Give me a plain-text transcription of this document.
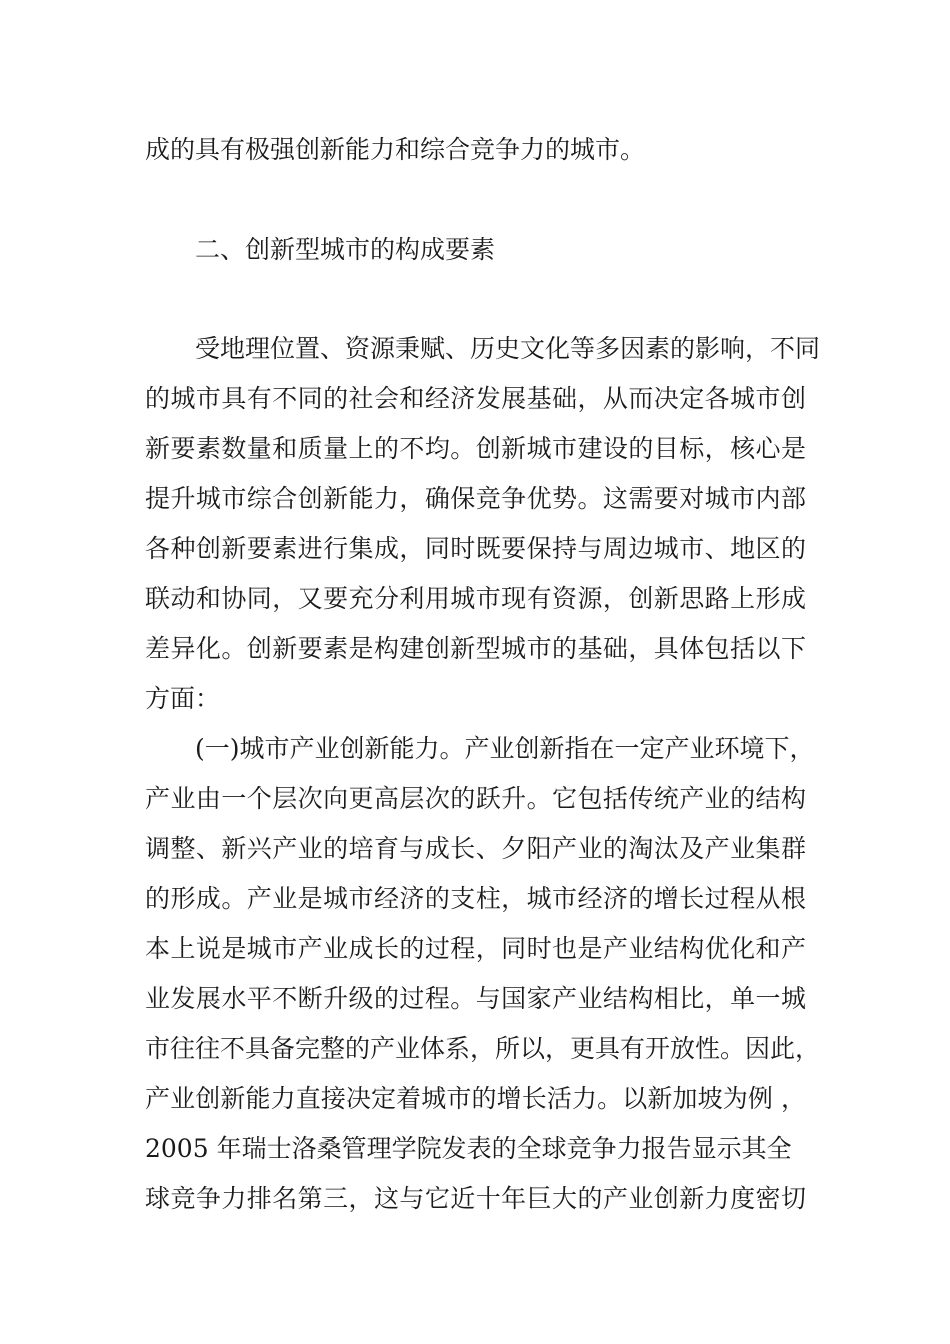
成的具有极强创新能力和综合竞争力的城市。

二、创新型城市的构成要素

受地理位置、资源秉赋、历史文化等多因素的影响，不同

的城市具有不同的社会和经济发展基础，从而决定各城市创

新要素数量和质量上的不均。创新城市建设的目标，核心是

提升城市综合创新能力，确保竞争优势。这需要对城市内部

各种创新要素进行集成，同时既要保持与周边城市、地区的

联动和协同，又要充分利用城市现有资源，创新思路上形成

差异化。创新要素是构建创新型城市的基础，具体包括以下

方面：

(一)城市产业创新能力。产业创新指在一定产业环境下，

产业由一个层次向更高层次的跃升。它包括传统产业的结构

调整、新兴产业的培育与成长、夕阳产业的淘汰及产业集群

的形成。产业是城市经济的支柱，城市经济的增长过程从根

本上说是城市产业成长的过程，同时也是产业结构优化和产

业发展水平不断升级的过程。与国家产业结构相比，单一城

市往往不具备完整的产业体系，所以，更具有开放性。因此，

产业创新能力直接决定着城市的增长活力。以新加坡为例 ，

2005 年瑞士洛桑管理学院发表的全球竞争力报告显示其全

球竞争力排名第三，这与它近十年巨大的产业创新力度密切
